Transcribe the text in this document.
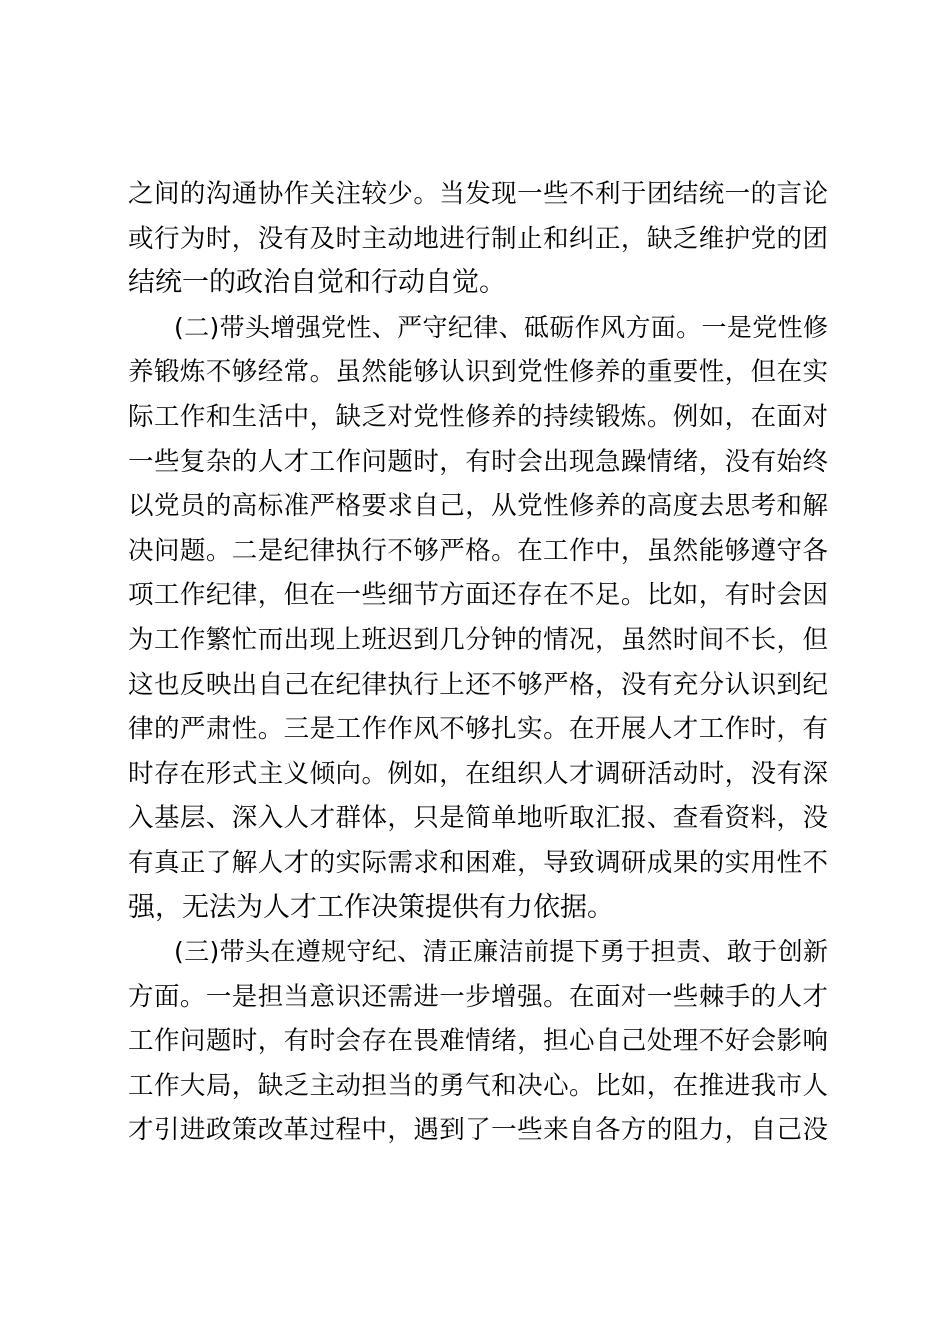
之间的沟通协作关注较少。当发现一些不利于团结统一的言论
或行为时，没有及时主动地进行制止和纠正，缺乏维护党的团
结统一的政治自觉和行动自觉。
(二)带头增强党性、严守纪律、砥砺作风方面。一是党性修
养锻炼不够经常。虽然能够认识到党性修养的重要性，但在实
际工作和生活中，缺乏对党性修养的持续锻炼。例如，在面对
一些复杂的人才工作问题时，有时会出现急躁情绪，没有始终
以党员的高标准严格要求自己，从党性修养的高度去思考和解
决问题。二是纪律执行不够严格。在工作中，虽然能够遵守各
项工作纪律，但在一些细节方面还存在不足。比如，有时会因
为工作繁忙而出现上班迟到几分钟的情况，虽然时间不长，但
这也反映出自己在纪律执行上还不够严格，没有充分认识到纪
律的严肃性。三是工作作风不够扎实。在开展人才工作时，有
时存在形式主义倾向。例如，在组织人才调研活动时，没有深
入基层、深入人才群体，只是简单地听取汇报、查看资料，没
有真正了解人才的实际需求和困难，导致调研成果的实用性不
强，无法为人才工作决策提供有力依据。
(三)带头在遵规守纪、清正廉洁前提下勇于担责、敢于创新
方面。一是担当意识还需进一步增强。在面对一些棘手的人才
工作问题时，有时会存在畏难情绪，担心自己处理不好会影响
工作大局，缺乏主动担当的勇气和决心。比如，在推进我市人
才引进政策改革过程中，遇到了一些来自各方的阻力，自己没
